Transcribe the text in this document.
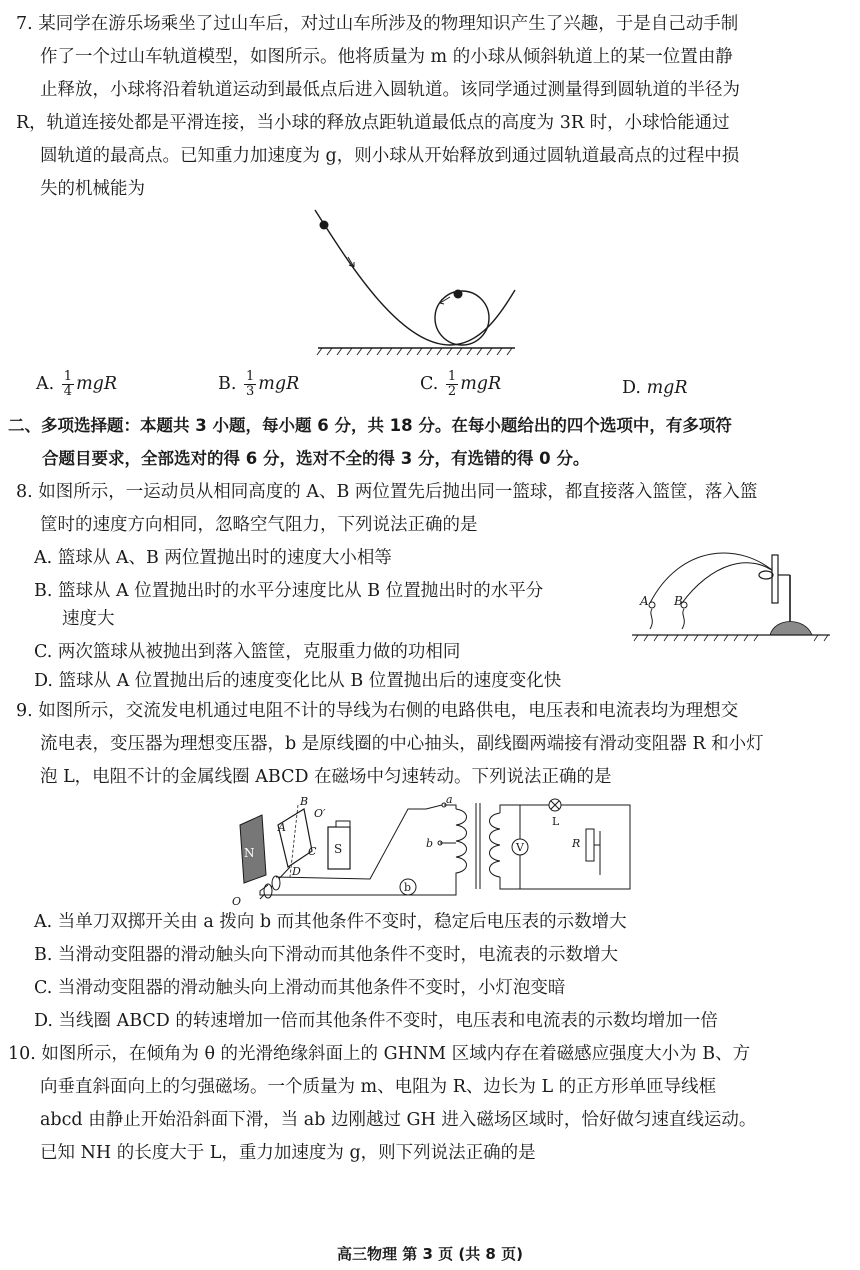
7. 某同学在游乐场乘坐了过山车后，对过山车所涉及的物理知识产生了兴趣，于是自己动手制
作了一个过山车轨道模型，如图所示。他将质量为 m 的小球从倾斜轨道上的某一位置由静
止释放，小球将沿着轨道运动到最低点后进入圆轨道。该同学通过测量得到圆轨道的半径为
R，轨道连接处都是平滑连接，当小球的释放点距轨道最低点的高度为 3R 时，小球恰能通过
圆轨道的最高点。已知重力加速度为 g，则小球从开始释放到通过圆轨道最高点的过程中损
失的机械能为
A. $\frac{1}{4}$ mgR	B. $\frac{1}{3}$ mgR	C. $\frac{1}{2}$ mgR	D. mgR
二、多项选择题：本题共 3 小题，每小题 6 分，共 18 分。在每小题给出的四个选项中，有多项符
合题目要求，全部选对的得 6 分，选对不全的得 3 分，有选错的得 0 分。
8. 如图所示，一运动员从相同高度的 A、B 两位置先后抛出同一篮球，都直接落入篮筐，落入篮
筐时的速度方向相同，忽略空气阻力，下列说法正确的是
A. 篮球从 A、B 两位置抛出时的速度大小相等
B. 篮球从 A 位置抛出时的水平分速度比从 B 位置抛出时的水平分
速度大
C. 两次篮球从被抛出到落入篮筐，克服重力做的功相同
D. 篮球从 A 位置抛出后的速度变化比从 B 位置抛出后的速度变化快
A B
9. 如图所示，交流发电机通过电阻不计的导线为右侧的电路供电，电压表和电流表均为理想交
流电表，变压器为理想变压器，b 是原线圈的中心抽头，副线圈两端接有滑动变阻器 R 和小灯
泡 L，电阻不计的金属线圈 ABCD 在磁场中匀速转动。下列说法正确的是
b
V
L
R
N	S
A
B
C
D
O
O′
a
b
A. 当单刀双掷开关由 a 拨向 b 而其他条件不变时，稳定后电压表的示数增大
B. 当滑动变阻器的滑动触头向下滑动而其他条件不变时，电流表的示数增大
C. 当滑动变阻器的滑动触头向上滑动而其他条件不变时，小灯泡变暗
D. 当线圈 ABCD 的转速增加一倍而其他条件不变时，电压表和电流表的示数均增加一倍
10. 如图所示，在倾角为 θ 的光滑绝缘斜面上的 GHNM 区域内存在着磁感应强度大小为 B、方
向垂直斜面向上的匀强磁场。一个质量为 m、电阻为 R、边长为 L 的正方形单匝导线框
abcd 由静止开始沿斜面下滑，当 ab 边刚越过 GH 进入磁场区域时，恰好做匀速直线运动。
已知 NH 的长度大于 L，重力加速度为 g，则下列说法正确的是
高三物理 第 3 页 (共 8 页)
